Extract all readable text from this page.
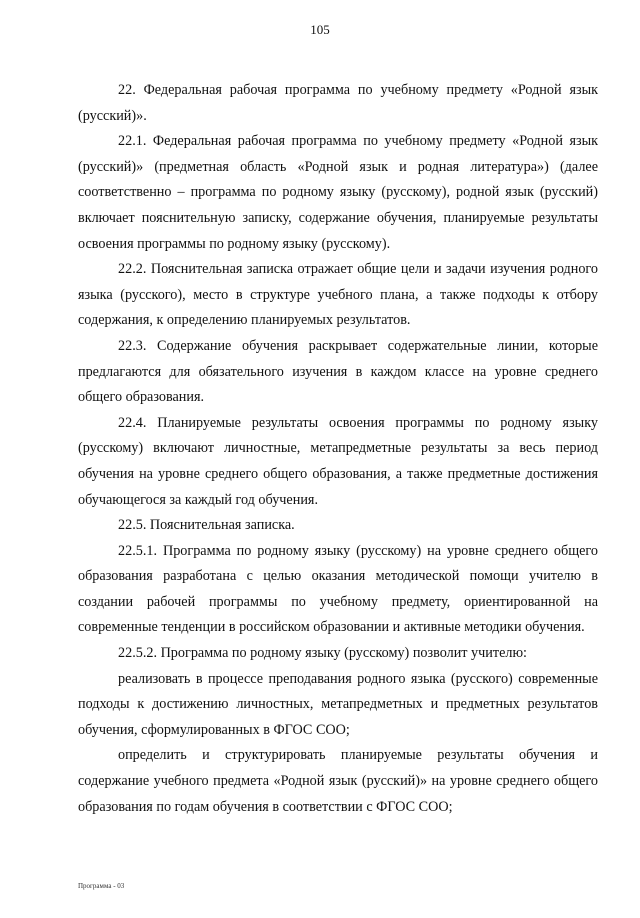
105

22. Федеральная рабочая программа по учебному предмету «Родной язык (русский)».

22.1. Федеральная рабочая программа по учебному предмету «Родной язык (русский)» (предметная область «Родной язык и родная литература») (далее соответственно – программа по родному языку (русскому), родной язык (русский) включает пояснительную записку, содержание обучения, планируемые результаты освоения программы по родному языку (русскому).

22.2. Пояснительная записка отражает общие цели и задачи изучения родного языка (русского), место в структуре учебного плана, а также подходы к отбору содержания, к определению планируемых результатов.

22.3. Содержание обучения раскрывает содержательные линии, которые предлагаются для обязательного изучения в каждом классе на уровне среднего общего образования.

22.4. Планируемые результаты освоения программы по родному языку (русскому) включают личностные, метапредметные результаты за весь период обучения на уровне среднего общего образования, а также предметные достижения обучающегося за каждый год обучения.

22.5. Пояснительная записка.

22.5.1. Программа по родному языку (русскому) на уровне среднего общего образования разработана с целью оказания методической помощи учителю в создании рабочей программы по учебному предмету, ориентированной на современные тенденции в российском образовании и активные методики обучения.

22.5.2. Программа по родному языку (русскому) позволит учителю:

реализовать в процессе преподавания родного языка (русского) современные подходы к достижению личностных, метапредметных и предметных результатов обучения, сформулированных в ФГОС СОО;

определить и структурировать планируемые результаты обучения и содержание учебного предмета «Родной язык (русский)» на уровне среднего общего образования по годам обучения в соответствии с ФГОС СОО;

Программа - 03
